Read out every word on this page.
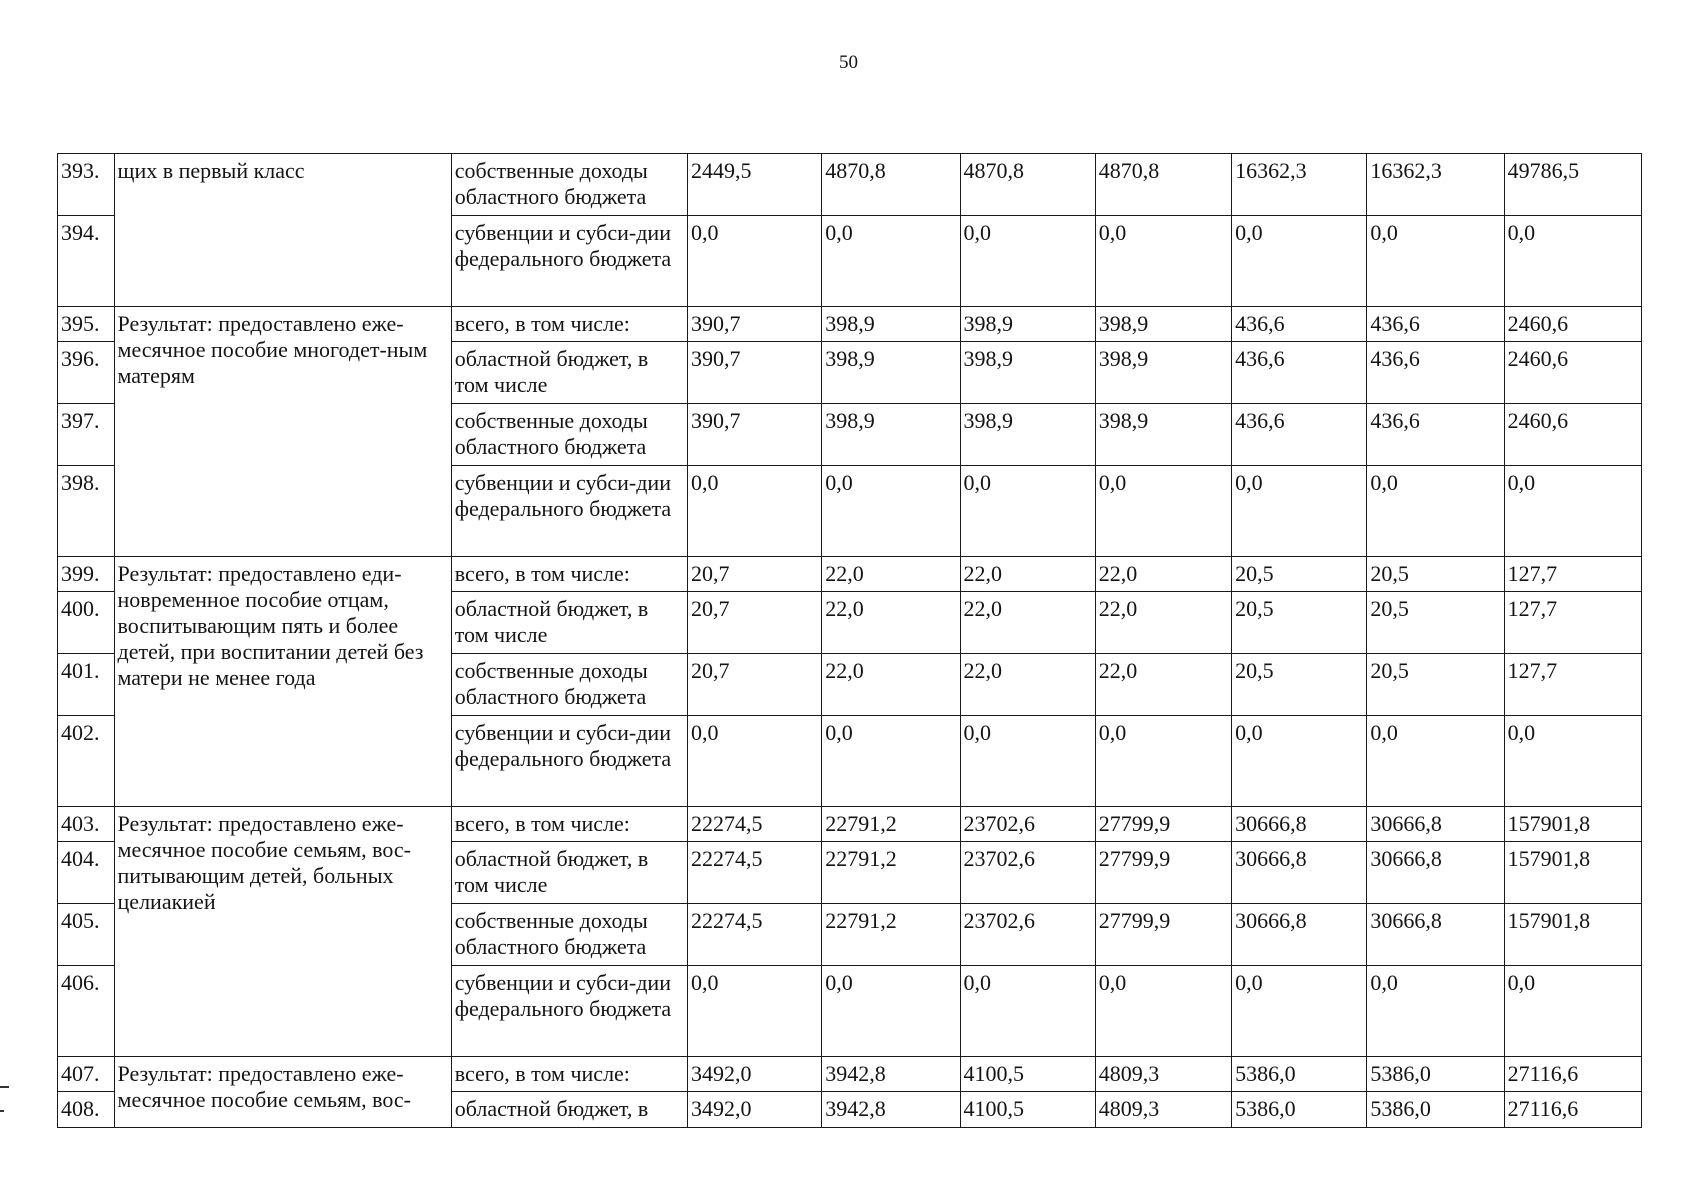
50
393.	щих в первый класс	собственные доходы областного бюджета	2449,5	4870,8	4870,8	4870,8	16362,3	16362,3	49786,5
394.		субвенции и субси-дии федерального бюджета	0,0	0,0	0,0	0,0	0,0	0,0	0,0
395.	Результат: предоставлено еже-месячное пособие многодет-ным матерям	всего, в том числе:	390,7	398,9	398,9	398,9	436,6	436,6	2460,6
396.		областной бюджет, в том числе	390,7	398,9	398,9	398,9	436,6	436,6	2460,6
397.		собственные доходы областного бюджета	390,7	398,9	398,9	398,9	436,6	436,6	2460,6
398.		субвенции и субси-дии федерального бюджета	0,0	0,0	0,0	0,0	0,0	0,0	0,0
399.	Результат: предоставлено еди-новременное пособие отцам, воспитывающим пять и более детей, при воспитании детей без матери не менее года	всего, в том числе:	20,7	22,0	22,0	22,0	20,5	20,5	127,7
400.		областной бюджет, в том числе	20,7	22,0	22,0	22,0	20,5	20,5	127,7
401.		собственные доходы областного бюджета	20,7	22,0	22,0	22,0	20,5	20,5	127,7
402.		субвенции и субси-дии федерального бюджета	0,0	0,0	0,0	0,0	0,0	0,0	0,0
403.	Результат: предоставлено еже-месячное пособие семьям, вос-питывающим детей, больных целиакией	всего, в том числе:	22274,5	22791,2	23702,6	27799,9	30666,8	30666,8	157901,8
404.		областной бюджет, в том числе	22274,5	22791,2	23702,6	27799,9	30666,8	30666,8	157901,8
405.		собственные доходы областного бюджета	22274,5	22791,2	23702,6	27799,9	30666,8	30666,8	157901,8
406.		субвенции и субси-дии федерального бюджета	0,0	0,0	0,0	0,0	0,0	0,0	0,0
407.	Результат: предоставлено еже-месячное пособие семьям, вос-	всего, в том числе:	3492,0	3942,8	4100,5	4809,3	5386,0	5386,0	27116,6
408.		областной бюджет, в	3492,0	3942,8	4100,5	4809,3	5386,0	5386,0	27116,6
